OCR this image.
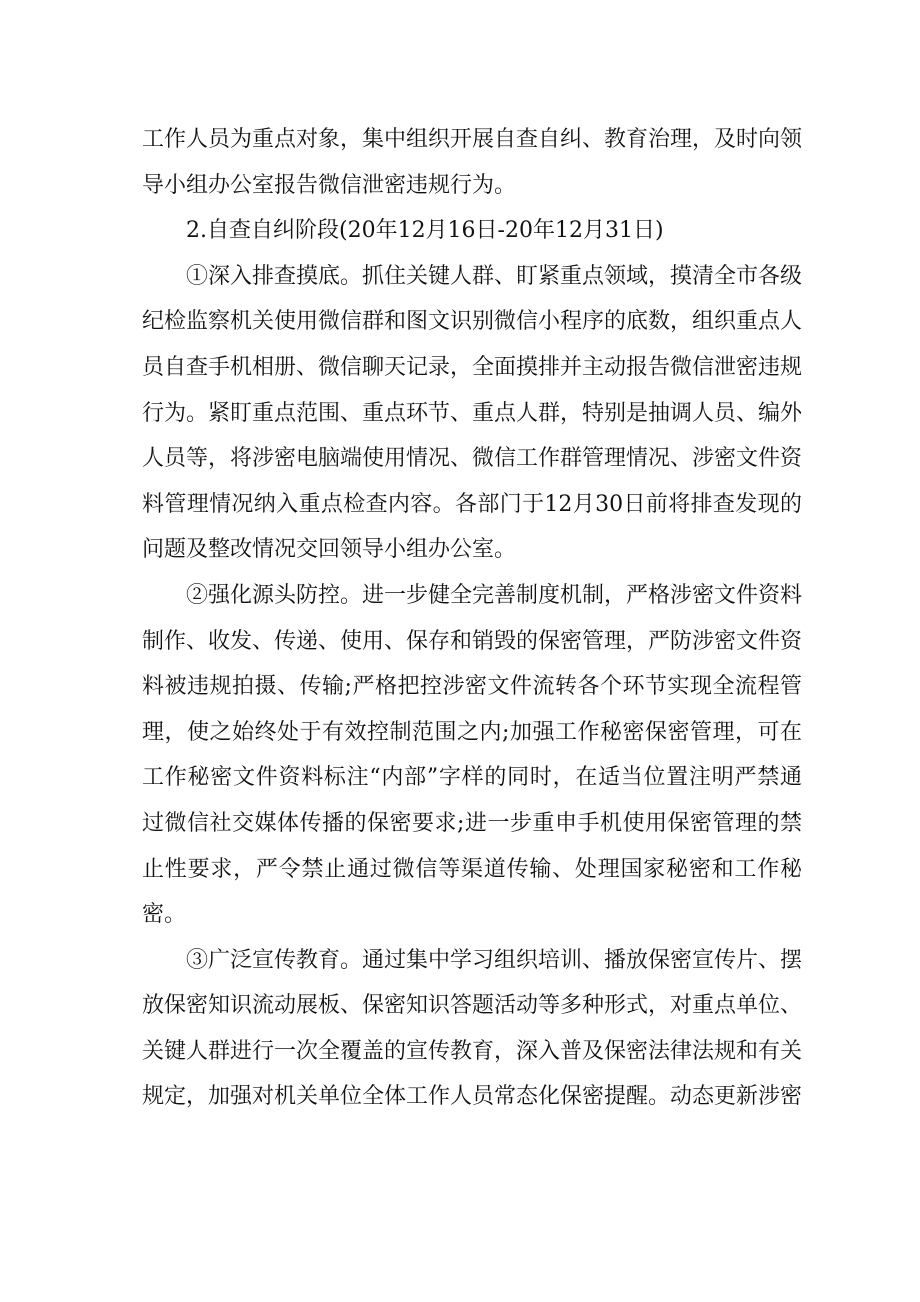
工作人员为重点对象，集中组织开展自查自纠、教育治理，及时向领导小组办公室报告微信泄密违规行为。

2.自查自纠阶段(20年12月16日-20年12月31日)

①深入排查摸底。抓住关键人群、盯紧重点领域，摸清全市各级纪检监察机关使用微信群和图文识别微信小程序的底数，组织重点人员自查手机相册、微信聊天记录，全面摸排并主动报告微信泄密违规行为。紧盯重点范围、重点环节、重点人群，特别是抽调人员、编外人员等，将涉密电脑端使用情况、微信工作群管理情况、涉密文件资料管理情况纳入重点检查内容。各部门于12月30日前将排查发现的问题及整改情况交回领导小组办公室。

②强化源头防控。进一步健全完善制度机制，严格涉密文件资料制作、收发、传递、使用、保存和销毁的保密管理，严防涉密文件资料被违规拍摄、传输;严格把控涉密文件流转各个环节实现全流程管理，使之始终处于有效控制范围之内;加强工作秘密保密管理，可在工作秘密文件资料标注“内部”字样的同时，在适当位置注明严禁通过微信社交媒体传播的保密要求;进一步重申手机使用保密管理的禁止性要求，严令禁止通过微信等渠道传输、处理国家秘密和工作秘密。

③广泛宣传教育。通过集中学习组织培训、播放保密宣传片、摆放保密知识流动展板、保密知识答题活动等多种形式，对重点单位、关键人群进行一次全覆盖的宣传教育，深入普及保密法律法规和有关规定，加强对机关单位全体工作人员常态化保密提醒。动态更新涉密
